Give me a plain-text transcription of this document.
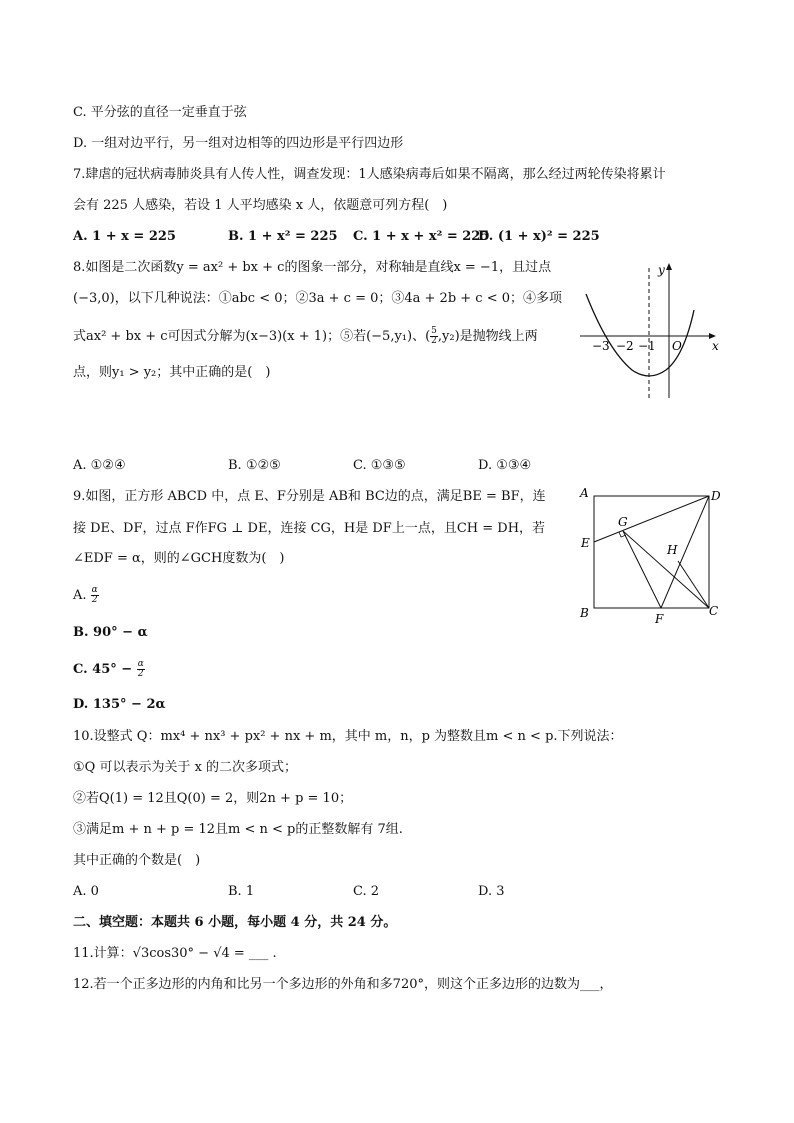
C. 平分弦的直径一定垂直于弦
D. 一组对边平行，另一组对边相等的四边形是平行四边形
7.肆虐的冠状病毒肺炎具有人传人性，调查发现：1人感染病毒后如果不隔离，那么经过两轮传染将累计
会有 225 人感染，若设 1 人平均感染 x 人，依题意可列方程(　)
A. 1 + x = 225	B. 1 + x² = 225 C. 1 + x + x² = 225
D. (1 + x)² = 225
8.如图是二次函数y = ax² + bx + c的图象一部分，对称轴是直线x = −1，且过点
(−3,0)，以下几种说法：①abc < 0；②3a + c = 0；③4a + 2b + c < 0；④多项
式ax² + bx + c可因式分解为(x−3)(x + 1)；⑤若(−5,y₁)、( $\frac{5}{2} ,y_2$)是抛物线上两
点，则y₁ > y₂；其中正确的是(　)
y
x
−3 −2 −1 O
A. ①②④	B. ①②⑤	C. ①③⑤	D. ①③④
9.如图，正方形 ABCD 中，点 E、F分别是 AB和 BC边的点，满足BE = BF，连
接 DE、DF，过点 F作FG ⊥ DE，连接 CG，H是 DF上一点，且CH = DH，若
∠EDF = α，则的∠GCH度数为(　)
A. $\frac{\alpha}{2}$
B. 90° − α
C. $45^\circ - \frac{\alpha}{2}$
D. 135° − 2α
A	D
B	C
E
F
G
H
10.设整式 Q：mx⁴ + nx³ + px² + nx + m，其中 m，n，p 为整数且m < n < p.下列说法：
①Q 可以表示为关于 x 的二次多项式；
②若Q(1) = 12且Q(0) = 2，则2n + p = 10；
③满足m + n + p = 12且m < n < p的正整数解有 7组.
其中正确的个数是(　)
A. 0	B. 1	C. 2	D. 3
二、填空题：本题共 6 小题，每小题 4 分，共 24 分。
11.计算：√3cos30° − √4 = ___ .
12.若一个正多边形的内角和比另一个多边形的外角和多720°，则这个正多边形的边数为___，
